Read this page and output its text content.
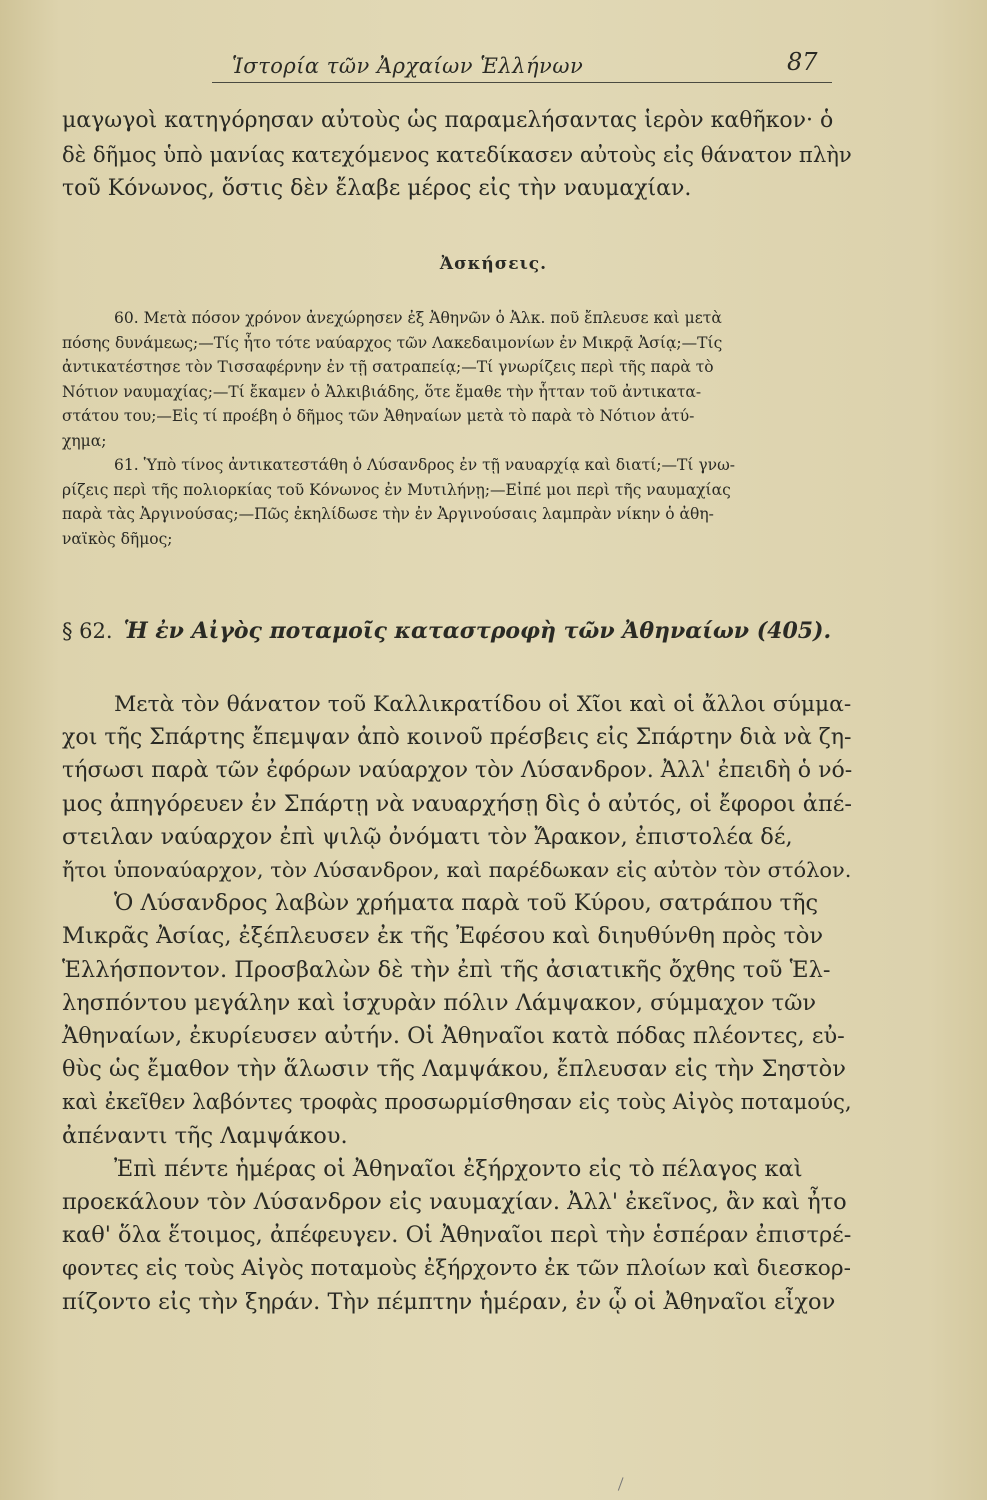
Ἱστορία τῶν Ἀρχαίων Ἑλλήνων	87

μαγωγοὶ κατηγόρησαν αὐτοὺς ὡς παραμελήσαντας ἱερὸν καθῆκον· ὁ

δὲ δῆμος ὑπὸ μανίας κατεχόμενος κατεδίκασεν αὐτοὺς εἰς θάνατον πλὴν

τοῦ Κόνωνος, ὅστις δὲν ἔλαβε μέρος εἰς τὴν ναυμαχίαν.

Ἀσκήσεις.

60. Μετὰ πόσον χρόνον ἀνεχώρησεν ἐξ Ἀθηνῶν ὁ Ἀλκ. ποῦ ἔπλευσε καὶ μετὰ

πόσης δυνάμεως;—Τίς ἦτο τότε ναύαρχος τῶν Λακεδαιμονίων ἐν Μικρᾷ Ἀσίᾳ;—Τίς

ἀντικατέστησε τὸν Τισσαφέρνην ἐν τῇ σατραπείᾳ;—Τί γνωρίζεις περὶ τῆς παρὰ τὸ

Νότιον ναυμαχίας;—Τί ἔκαμεν ὁ Ἀλκιβιάδης, ὅτε ἔμαθε τὴν ἧτταν τοῦ ἀντικατα-

στάτου του;—Εἰς τί προέβη ὁ δῆμος τῶν Ἀθηναίων μετὰ τὸ παρὰ τὸ Νότιον ἀτύ-

χημα;

61. Ὑπὸ τίνος ἀντικατεστάθη ὁ Λύσανδρος ἐν τῇ ναυαρχίᾳ καὶ διατί;—Τί γνω-

ρίζεις περὶ τῆς πολιορκίας τοῦ Κόνωνος ἐν Μυτιλήνῃ;—Εἰπέ μοι περὶ τῆς ναυμαχίας

παρὰ τὰς Ἀργινούσας;—Πῶς ἐκηλίδωσε τὴν ἐν Ἀργινούσαις λαμπρὰν νίκην ὁ ἀθη-

ναϊκὸς δῆμος;

§ 62. Ἡ ἐν Αἰγὸς ποταμοῖς καταστροφὴ τῶν Ἀθηναίων (405).

Μετὰ τὸν θάνατον τοῦ Καλλικρατίδου οἱ Χῖοι καὶ οἱ ἄλλοι σύμμα-

χοι τῆς Σπάρτης ἔπεμψαν ἀπὸ κοινοῦ πρέσβεις εἰς Σπάρτην διὰ νὰ ζη-

τήσωσι παρὰ τῶν ἐφόρων ναύαρχον τὸν Λύσανδρον. Ἀλλ' ἐπειδὴ ὁ νό-

μος ἀπηγόρευεν ἐν Σπάρτῃ νὰ ναυαρχήσῃ δὶς ὁ αὐτός, οἱ ἔφοροι ἀπέ-

στειλαν ναύαρχον ἐπὶ ψιλῷ ὀνόματι τὸν Ἄρακον, ἐπιστολέα δέ,

ἤτοι ὑποναύαρχον, τὸν Λύσανδρον, καὶ παρέδωκαν εἰς αὐτὸν τὸν στόλον.

Ὁ Λύσανδρος λαβὼν χρήματα παρὰ τοῦ Κύρου, σατράπου τῆς

Μικρᾶς Ἀσίας, ἐξέπλευσεν ἐκ τῆς Ἐφέσου καὶ διηυθύνθη πρὸς τὸν

Ἑλλήσποντον. Προσβαλὼν δὲ τὴν ἐπὶ τῆς ἀσιατικῆς ὄχθης τοῦ Ἑλ-

λησπόντου μεγάλην καὶ ἰσχυρὰν πόλιν Λάμψακον, σύμμαχον τῶν

Ἀθηναίων, ἐκυρίευσεν αὐτήν. Οἱ Ἀθηναῖοι κατὰ πόδας πλέοντες, εὐ-

θὺς ὡς ἔμαθον τὴν ἅλωσιν τῆς Λαμψάκου, ἔπλευσαν εἰς τὴν Σηστὸν

καὶ ἐκεῖθεν λαβόντες τροφὰς προσωρμίσθησαν εἰς τοὺς Αἰγὸς ποταμούς,

ἀπέναντι τῆς Λαμψάκου.

Ἐπὶ πέντε ἡμέρας οἱ Ἀθηναῖοι ἐξήρχοντο εἰς τὸ πέλαγος καὶ

προεκάλουν τὸν Λύσανδρον εἰς ναυμαχίαν. Ἀλλ' ἐκεῖνος, ἂν καὶ ἦτο

καθ' ὅλα ἕτοιμος, ἀπέφευγεν. Οἱ Ἀθηναῖοι περὶ τὴν ἑσπέραν ἐπιστρέ-

φοντες εἰς τοὺς Αἰγὸς ποταμοὺς ἐξήρχοντο ἐκ τῶν πλοίων καὶ διεσκορ-

πίζοντο εἰς τὴν ξηράν. Τὴν πέμπτην ἡμέραν, ἐν ᾧ οἱ Ἀθηναῖοι εἶχον
